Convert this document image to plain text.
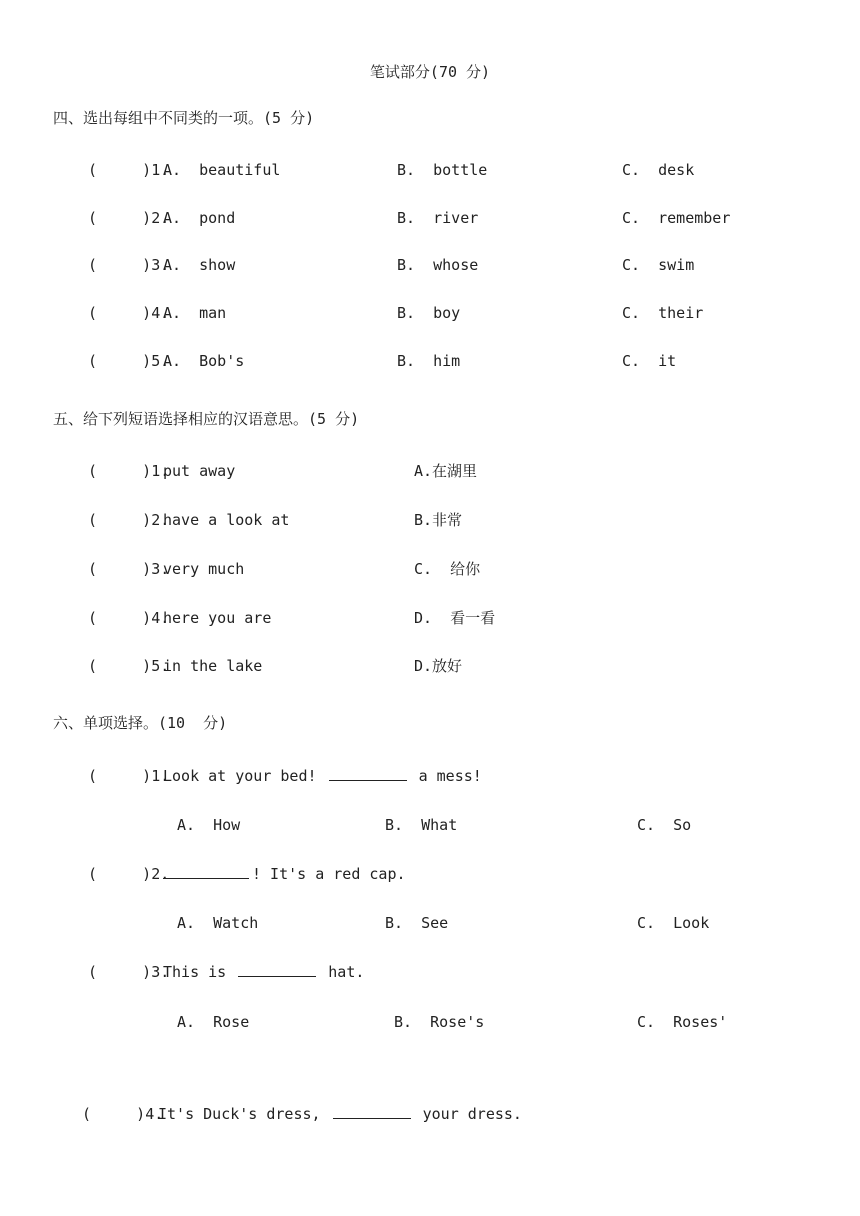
笔试部分(70 分)
四、选出每组中不同类的一项。(5 分)
(     )1.
A.  beautiful	B.  bottle	C.  desk
(     )2.
A.  pond	B.  river	C.  remember
(     )3.
A.  show	B.  whose	C.  swim
(     )4.
A.  man	B.  boy	C.  their
(     )5.
A.  Bob's	B.  him	C.  it
五、给下列短语选择相应的汉语意思。(5 分)
(     )1.
put away	A.在湖里
(     )2.
have a look at	B.非常
(     )3.
very much	C.  给你
(     )4.
here you are	D.  看一看
(     )5.
in the lake	D.放好
六、单项选择。(10  分)
(     )1.
Look at your bed!	a mess!
A.  How	B.  What	C.  So
(     )2.	! It's a red cap.
A.  Watch	B.  See	C.  Look
(     )3.
This is	hat.
A.  Rose	B.  Rose's	C.  Roses'
(     )4.
It's Duck's dress,	your dress.
